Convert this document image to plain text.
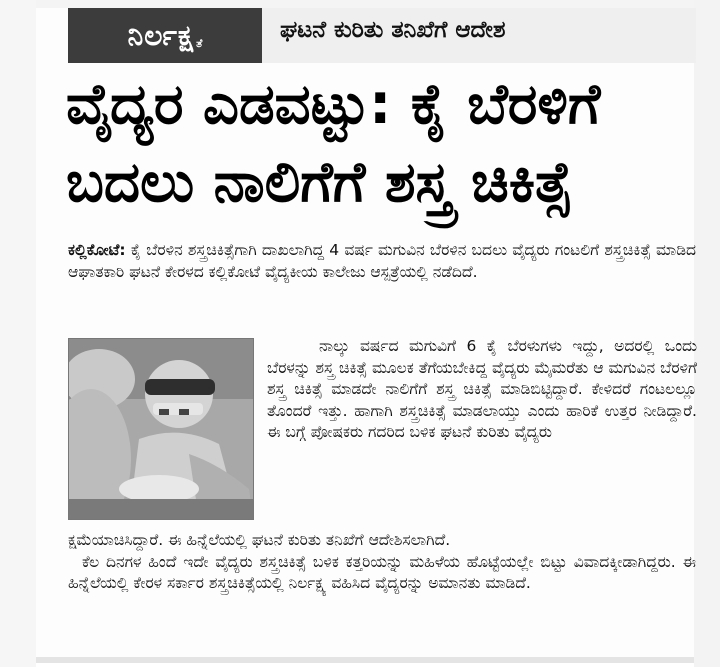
ನಿರ್ಲಕ್ಷ ತೆ	ಘಟನೆ ಕುರಿತು ತನಿಖೆಗೆ ಆದೇಶ
ವೈದ್ಯರ ಎಡವಟ್ಟು: ಕೈ ಬೆರಳಿಗೆ
ಬದಲು ನಾಲಿಗೆಗೆ ಶಸ್ತ್ರ ಚಿಕಿತ್ಸೆ

ಕಲ್ಲಿಕೋಟೆ: ಕೈ ಬೆರಳಿನ ಶಸ್ತ್ರಚಿಕಿತ್ಸೆಗಾಗಿ ದಾಖಲಾಗಿದ್ದ 4 ವರ್ಷ ಮಗುವಿನ ಬೆರಳಿನ ಬದಲು ವೈದ್ಯರು ಗಂಟಲಿಗೆ ಶಸ್ತ್ರಚಿಕಿತ್ಸೆ ಮಾಡಿದ ಆಘಾತಕಾರಿ ಘಟನೆ ಕೇರಳದ ಕಲ್ಲಿಕೋಟೆ ವೈದ್ಯಕೀಯ ಕಾಲೇಜು ಆಸ್ಪತ್ರೆಯಲ್ಲಿ ನಡೆದಿದೆ.

ನಾಲ್ಕು ವರ್ಷದ ಮಗುವಿಗೆ 6 ಕೈ ಬೆರಳುಗಳು ಇದ್ದು, ಅದರಲ್ಲಿ ಒಂದು ಬೆರಳನ್ನು ಶಸ್ತ್ರ ಚಿಕಿತ್ಸೆ ಮೂಲಕ ತೆಗೆಯಬೇಕಿದ್ದ ವೈದ್ಯರು ಮೈಮರೆತು ಆ ಮಗುವಿನ ಬೆರಳಿಗೆ ಶಸ್ತ್ರ ಚಿಕಿತ್ಸೆ ಮಾಡದೇ ನಾಲಿಗೆಗೆ ಶಸ್ತ್ರ ಚಿಕಿತ್ಸೆ ಮಾಡಿಬಿಟ್ಟಿದ್ದಾರೆ. ಕೇಳಿದರೆ ಗಂಟಲಲ್ಲೂ ತೊಂದರೆ ಇತ್ತು. ಹಾಗಾಗಿ ಶಸ್ತ್ರಚಿಕಿತ್ಸೆ ಮಾಡಲಾಯ್ತು ಎಂದು ಹಾರಿಕೆ ಉತ್ತರ ನೀಡಿದ್ದಾರೆ. ಈ ಬಗ್ಗೆ ಪೋಷಕರು ಗದರಿದ ಬಳಿಕ ಘಟನೆ ಕುರಿತು ವೈದ್ಯರು

ಕ್ಷಮೆಯಾಚಿಸಿದ್ದಾರೆ. ಈ ಹಿನ್ನೆಲೆಯಲ್ಲಿ ಘಟನೆ ಕುರಿತು ತನಿಖೆಗೆ ಆದೇಶಿಸಲಾಗಿದೆ.
ಕೆಲ ದಿನಗಳ ಹಿಂದೆ ಇದೇ ವೈದ್ಯರು ಶಸ್ತ್ರಚಿಕಿತ್ಸೆ ಬಳಿಕ ಕತ್ತರಿಯನ್ನು ಮಹಿಳೆಯ ಹೊಟ್ಟೆಯಲ್ಲೇ ಬಿಟ್ಟು ವಿವಾದಕ್ಕೀಡಾಗಿದ್ದರು. ಈ ಹಿನ್ನೆಲೆಯಲ್ಲಿ ಕೇರಳ ಸರ್ಕಾರ ಶಸ್ತ್ರಚಿಕಿತ್ಸೆಯಲ್ಲಿ ನಿರ್ಲಕ್ಷ್ಯ ವಹಿಸಿದ ವೈದ್ಯರನ್ನು ಅಮಾನತು ಮಾಡಿದೆ.
